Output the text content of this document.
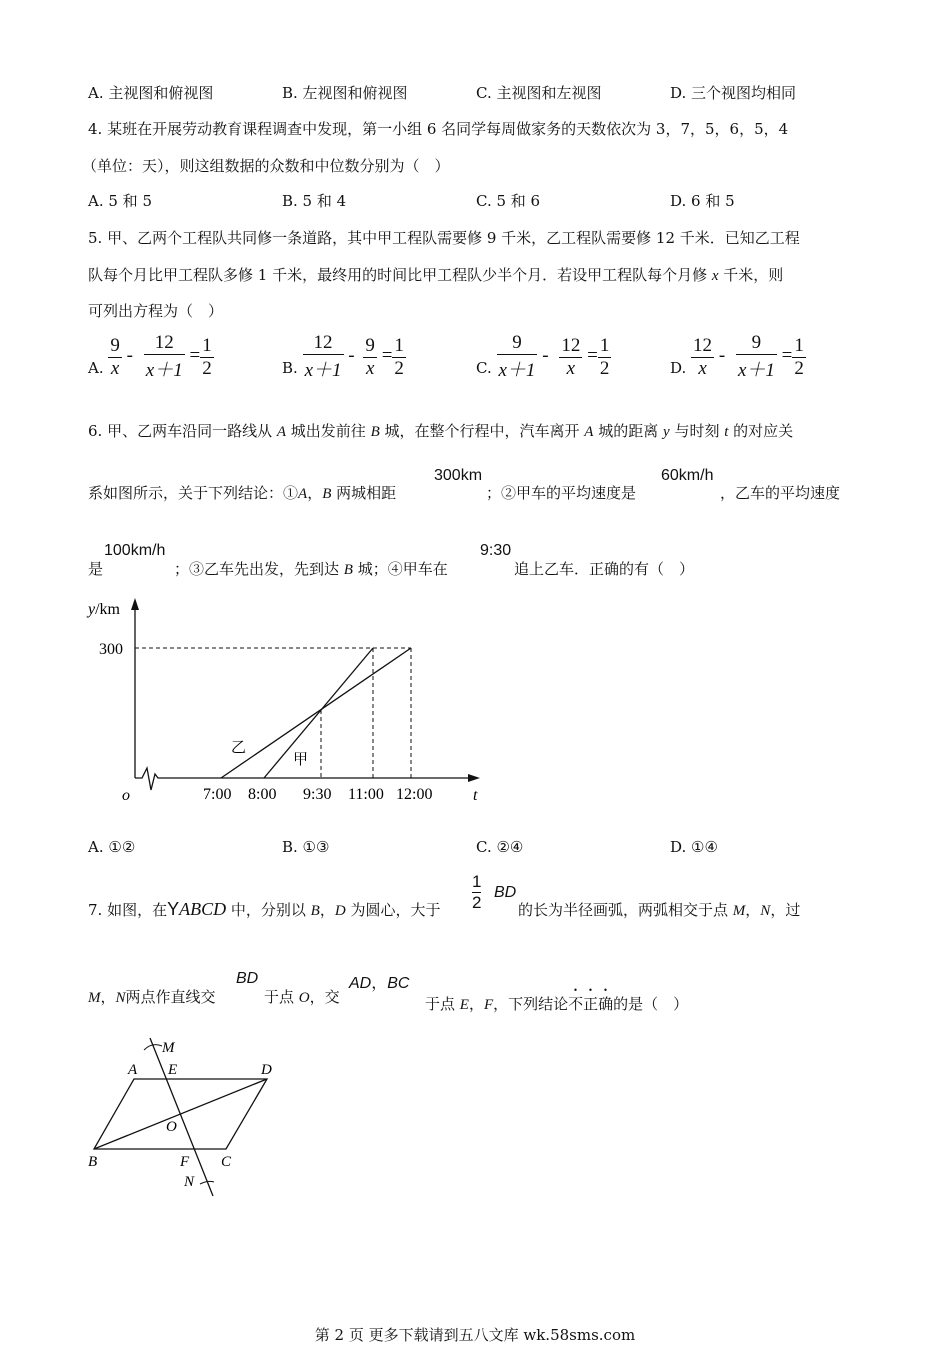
A. 主视图和俯视图	B. 左视图和俯视图	C. 主视图和左视图	D. 三个视图均相同
4. 某班在开展劳动教育课程调查中发现，第一小组 6 名同学每周做家务的天数依次为 3，7，5，6，5，4
（单位：天），则这组数据的众数和中位数分别为（　）
A. 5 和 5	B. 5 和 4	C. 5 和 6	D. 6 和 5
5. 甲、乙两个工程队共同修一条道路，其中甲工程队需要修 9 千米，乙工程队需要修 12 千米．已知乙工程
队每个月比甲工程队多修 1 千米，最终用的时间比甲工程队少半个月．若设甲工程队每个月修 x 千米，则
可列出方程为（　）
A. $\frac{9}{x} - \frac{12}{x+1} = \frac{1}{2}$	B. $\frac{12}{x+1} - \frac{9}{x} = \frac{1}{2}$	C. $\frac{9}{x+1} - \frac{12}{x} = \frac{1}{2}$	D. $\frac{12}{x} - \frac{9}{x+1} = \frac{1}{2}$
6. 甲、乙两车沿同一路线从 A 城出发前往 B 城，在整个行程中，汽车离开 A 城的距离 y 与时刻 t 的对应关
系如图所示，关于下列结论：①A，B 两城相距
300km
；②甲车的平均速度是
60km/h
，乙车的平均速度
是
100km/h
；③乙车先出发，先到达 B 城；④甲车在
9:30
追上乙车．正确的有（　）
y/km
300
o	t
7:00 8:00 9:30 11:00 12:00
乙
甲
A. ①②	B. ①③	C. ②④	D. ①④
7. 如图，在YABCD 中，分别以 B，D 为圆心，大于
1
2
BD
的长为半径画弧，两弧相交于点 M，N，过
M，N两点作直线交
BD
于点 O，交
AD，BC
于点 E，F，下列结论不正确的是（　）
M
A E	D
O
B	F C
N
第 2 页 更多下载请到五八文库 wk.58sms.com
